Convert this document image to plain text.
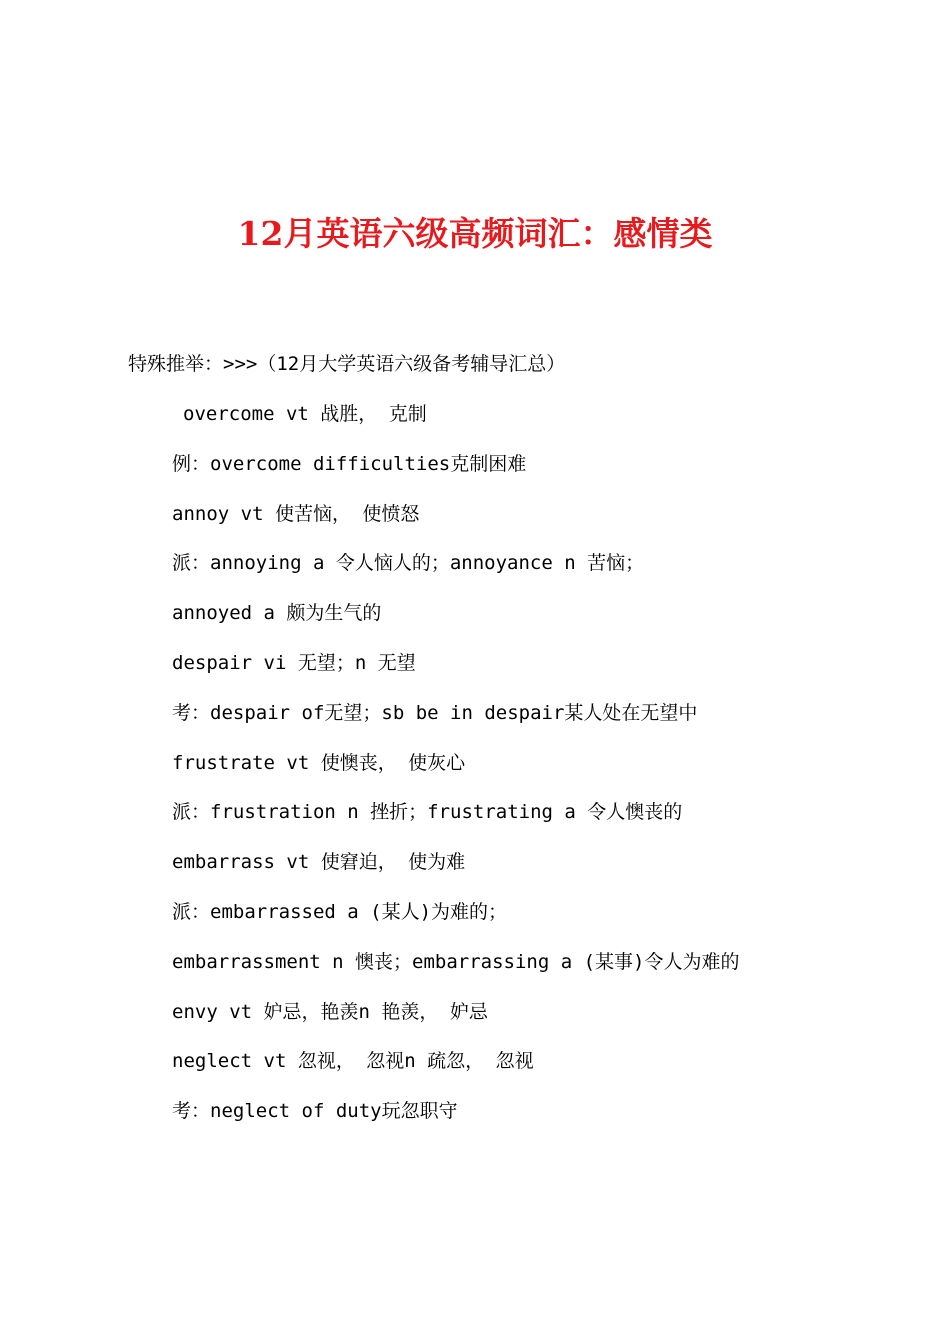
12月英语六级高频词汇：感情类
特殊推举：>>>（12月大学英语六级备考辅导汇总）
overcome vt 战胜， 克制
例：overcome difficulties克制困难
annoy vt 使苦恼， 使愤怒
派：annoying a 令人恼人的；annoyance n 苦恼；
annoyed a 颇为生气的
despair vi 无望；n 无望
考：despair of无望；sb be in despair某人处在无望中
frustrate vt 使懊丧， 使灰心
派：frustration n 挫折；frustrating a 令人懊丧的
embarrass vt 使窘迫， 使为难
派：embarrassed a (某人)为难的；
embarrassment n 懊丧；embarrassing a (某事)令人为难的
envy vt 妒忌，艳羡n 艳羡， 妒忌
neglect vt 忽视， 忽视n 疏忽， 忽视
考：neglect of duty玩忽职守
